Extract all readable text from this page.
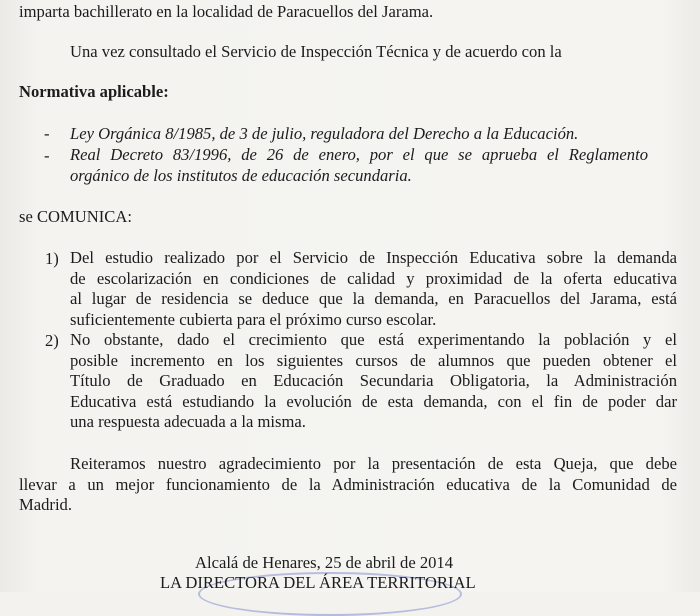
imparta bachillerato en la localidad de Paracuellos del Jarama.
Una vez consultado el Servicio de Inspección Técnica y de acuerdo con la
Normativa aplicable:
- Ley Orgánica 8/1985, de 3 de julio, reguladora del Derecho a la Educación.
- Real Decreto 83/1996, de 26 de enero, por el que se aprueba el Reglamento
orgánico de los institutos de educación secundaria.
se COMUNICA:
1) Del estudio realizado por el Servicio de Inspección Educativa sobre la demanda
de escolarización en condiciones de calidad y proximidad de la oferta educativa
al lugar de residencia se deduce que la demanda, en Paracuellos del Jarama, está
suficientemente cubierta para el próximo curso escolar.
2) No obstante, dado el crecimiento que está experimentando la población y el
posible incremento en los siguientes cursos de alumnos que pueden obtener el
Título de Graduado en Educación Secundaria Obligatoria, la Administración
Educativa está estudiando la evolución de esta demanda, con el fin de poder dar
una respuesta adecuada a la misma.
Reiteramos nuestro agradecimiento por la presentación de esta Queja, que debe
llevar a un mejor funcionamiento de la Administración educativa de la Comunidad de
Madrid.
Alcalá de Henares, 25 de abril de 2014
LA DIRECTORA DEL ÁREA TERRITORIAL
